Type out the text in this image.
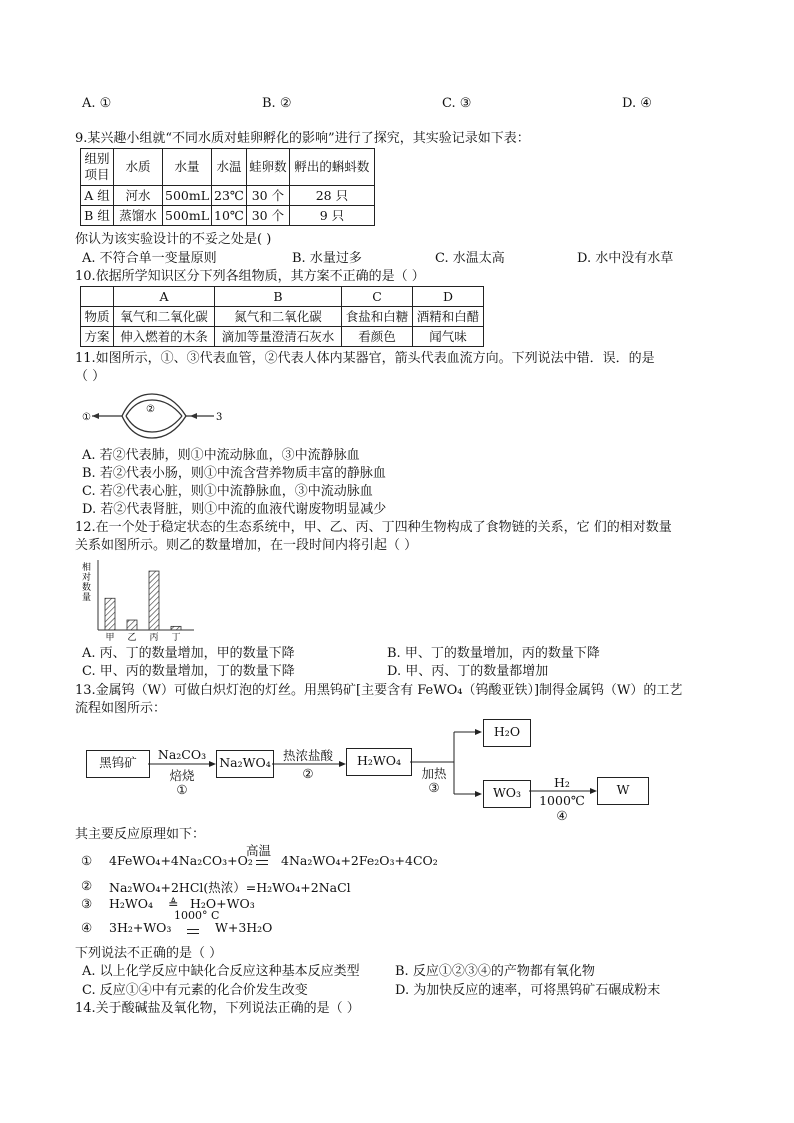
A. ①	B. ②	C. ③	D. ④
9.某兴趣小组就“不同水质对蛙卵孵化的影响”进行了探究，其实验记录如下表：
组别
项目	水质	水量	水温	蛙卵数	孵出的蝌蚪数
A 组	河水	500mL	23℃	30 个	28 只
B 组	蒸馏水	500mL	10℃	30 个	9 只
你认为该实验设计的不妥之处是( )
A. 不符合单一变量原则	B. 水量过多	C. 水温太高	D. 水中没有水草
10.依据所学知识区分下列各组物质，其方案不正确的是（ ）
	A	B	C	D
物质	氧气和二氧化碳	氮气和二氧化碳	食盐和白糖	酒精和白醋
方案	伸入燃着的木条	滴加等量澄清石灰水	看颜色	闻气味
11.如图所示，①、③代表血管，②代表人体内某器官，箭头代表血流方向。下列说法中错．误．的是
（ ）
①
②
3
A. 若②代表肺，则①中流动脉血，③中流静脉血
B. 若②代表小肠，则①中流含营养物质丰富的静脉血
C. 若②代表心脏，则①中流静脉血，③中流动脉血
D. 若②代表肾脏，则①中流的血液代谢废物明显减少
12.在一个处于稳定状态的生态系统中，甲、乙、丙、丁四种生物构成了食物链的关系，它 们的相对数量
关系如图所示。则乙的数量增加，在一段时间内将引起（ ）
相对数量
甲 乙 丙 丁
A. 丙、丁的数量增加，甲的数量下降	B. 甲、丁的数量增加，丙的数量下降
C. 甲、丙的数量增加，丁的数量下降	D. 甲、丙、丁的数量都增加
13.金属钨（W）可做白炽灯泡的灯丝。用黑钨矿[主要含有 FeWO₄（钨酸亚铁）]制得金属钨（W）的工艺
流程如图所示：
黑钨矿
Na₂CO₃
焙烧
①
Na₂WO₄ 热浓盐酸
②
H₂WO₄
加热
③
H₂O
WO₃
H₂
1000℃
④
W
其主要反应原理如下：
① 4FeWO₄+4Na₂CO₃+O₂
高温
4Na₂WO₄+2Fe₂O₃+4CO₂
② Na₂WO₄+2HCl(热浓）=H₂WO₄+2NaCl
③ H₂WO₄ ≜ H₂O+WO₃
④ 3H₂+WO₃
1000° C
W+3H₂O
下列说法不正确的是（ ）
A. 以上化学反应中缺化合反应这种基本反应类型	B. 反应①②③④的产物都有氧化物
C. 反应①④中有元素的化合价发生改变	D. 为加快反应的速率，可将黑钨矿石碾成粉末
14.关于酸碱盐及氧化物，下列说法正确的是（ ）
